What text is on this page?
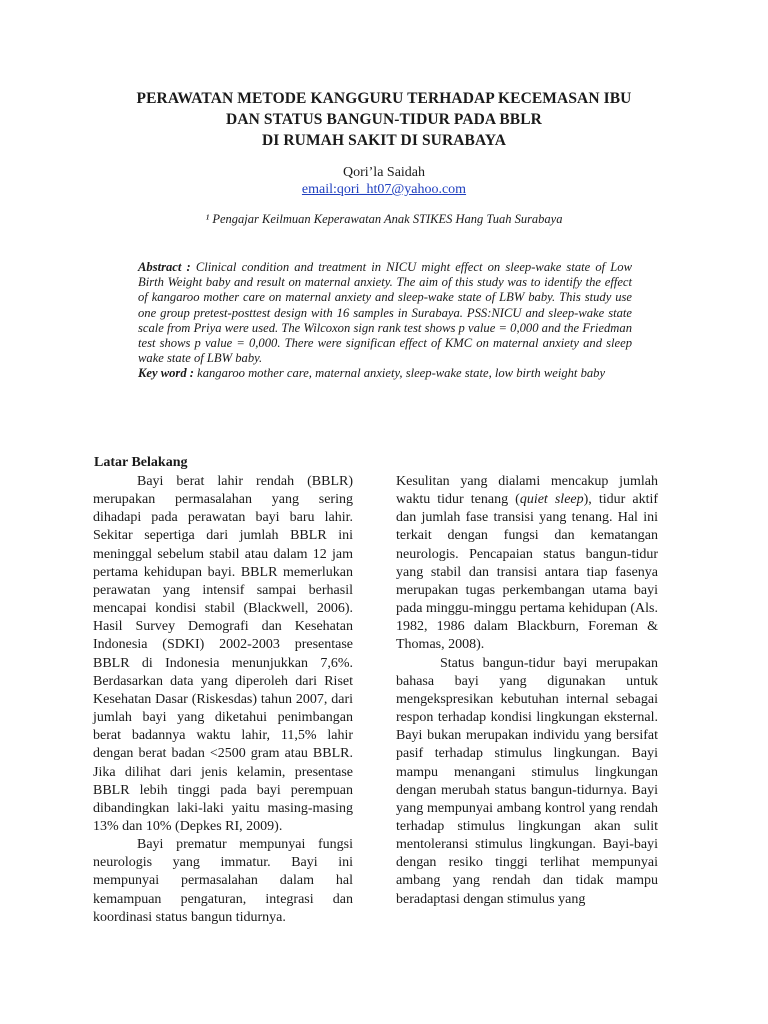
PERAWATAN METODE KANGGURU TERHADAP KECEMASAN IBU
DAN STATUS BANGUN-TIDUR PADA BBLR
DI RUMAH SAKIT DI SURABAYA
Qori’la Saidah
email:qori_ht07@yahoo.com
¹ Pengajar Keilmuan Keperawatan Anak STIKES Hang Tuah Surabaya
Abstract : Clinical condition and treatment in NICU might effect on sleep-wake state of Low Birth Weight baby and result on maternal anxiety. The aim of this study was to identify the effect of kangaroo mother care on maternal anxiety and sleep-wake state of LBW baby. This study use one group pretest-posttest design with 16 samples in Surabaya. PSS:NICU and sleep-wake state scale from Priya were used. The Wilcoxon sign rank test shows p value = 0,000 and the Friedman test shows p value = 0,000. There were significan effect of KMC on maternal anxiety and sleep wake state of LBW baby.
Key word : kangaroo mother care, maternal anxiety, sleep-wake state, low birth weight baby
Latar Belakang

Bayi berat lahir rendah (BBLR) merupakan permasalahan yang sering dihadapi pada perawatan bayi baru lahir. Sekitar sepertiga dari jumlah BBLR ini meninggal sebelum stabil atau dalam 12 jam pertama kehidupan bayi. BBLR memerlukan perawatan yang intensif sampai berhasil mencapai kondisi stabil (Blackwell, 2006). Hasil Survey Demografi dan Kesehatan Indonesia (SDKI) 2002-2003 presentase BBLR di Indonesia menunjukkan 7,6%. Berdasarkan data yang diperoleh dari Riset Kesehatan Dasar (Riskesdas) tahun 2007, dari jumlah bayi yang diketahui penimbangan berat badannya waktu lahir, 11,5% lahir dengan berat badan <2500 gram atau BBLR. Jika dilihat dari jenis kelamin, presentase BBLR lebih tinggi pada bayi perempuan dibandingkan laki-laki yaitu masing-masing 13% dan 10% (Depkes RI, 2009).

Bayi prematur mempunyai fungsi neurologis yang immatur. Bayi ini mempunyai permasalahan dalam hal kemampuan pengaturan, integrasi dan koordinasi status bangun tidurnya.

Kesulitan yang dialami mencakup jumlah waktu tidur tenang (quiet sleep), tidur aktif dan jumlah fase transisi yang tenang. Hal ini terkait dengan fungsi dan kematangan neurologis. Pencapaian status bangun-tidur yang stabil dan transisi antara tiap fasenya merupakan tugas perkembangan utama bayi pada minggu-minggu pertama kehidupan (Als. 1982, 1986 dalam Blackburn, Foreman & Thomas, 2008).

Status bangun-tidur bayi merupakan bahasa bayi yang digunakan untuk mengekspresikan kebutuhan internal sebagai respon terhadap kondisi lingkungan eksternal. Bayi bukan merupakan individu yang bersifat pasif terhadap stimulus lingkungan. Bayi mampu menangani stimulus lingkungan dengan merubah status bangun-tidurnya. Bayi yang mempunyai ambang kontrol yang rendah terhadap stimulus lingkungan akan sulit mentoleransi stimulus lingkungan. Bayi-bayi dengan resiko tinggi terlihat mempunyai ambang yang rendah dan tidak mampu beradaptasi dengan stimulus yang
